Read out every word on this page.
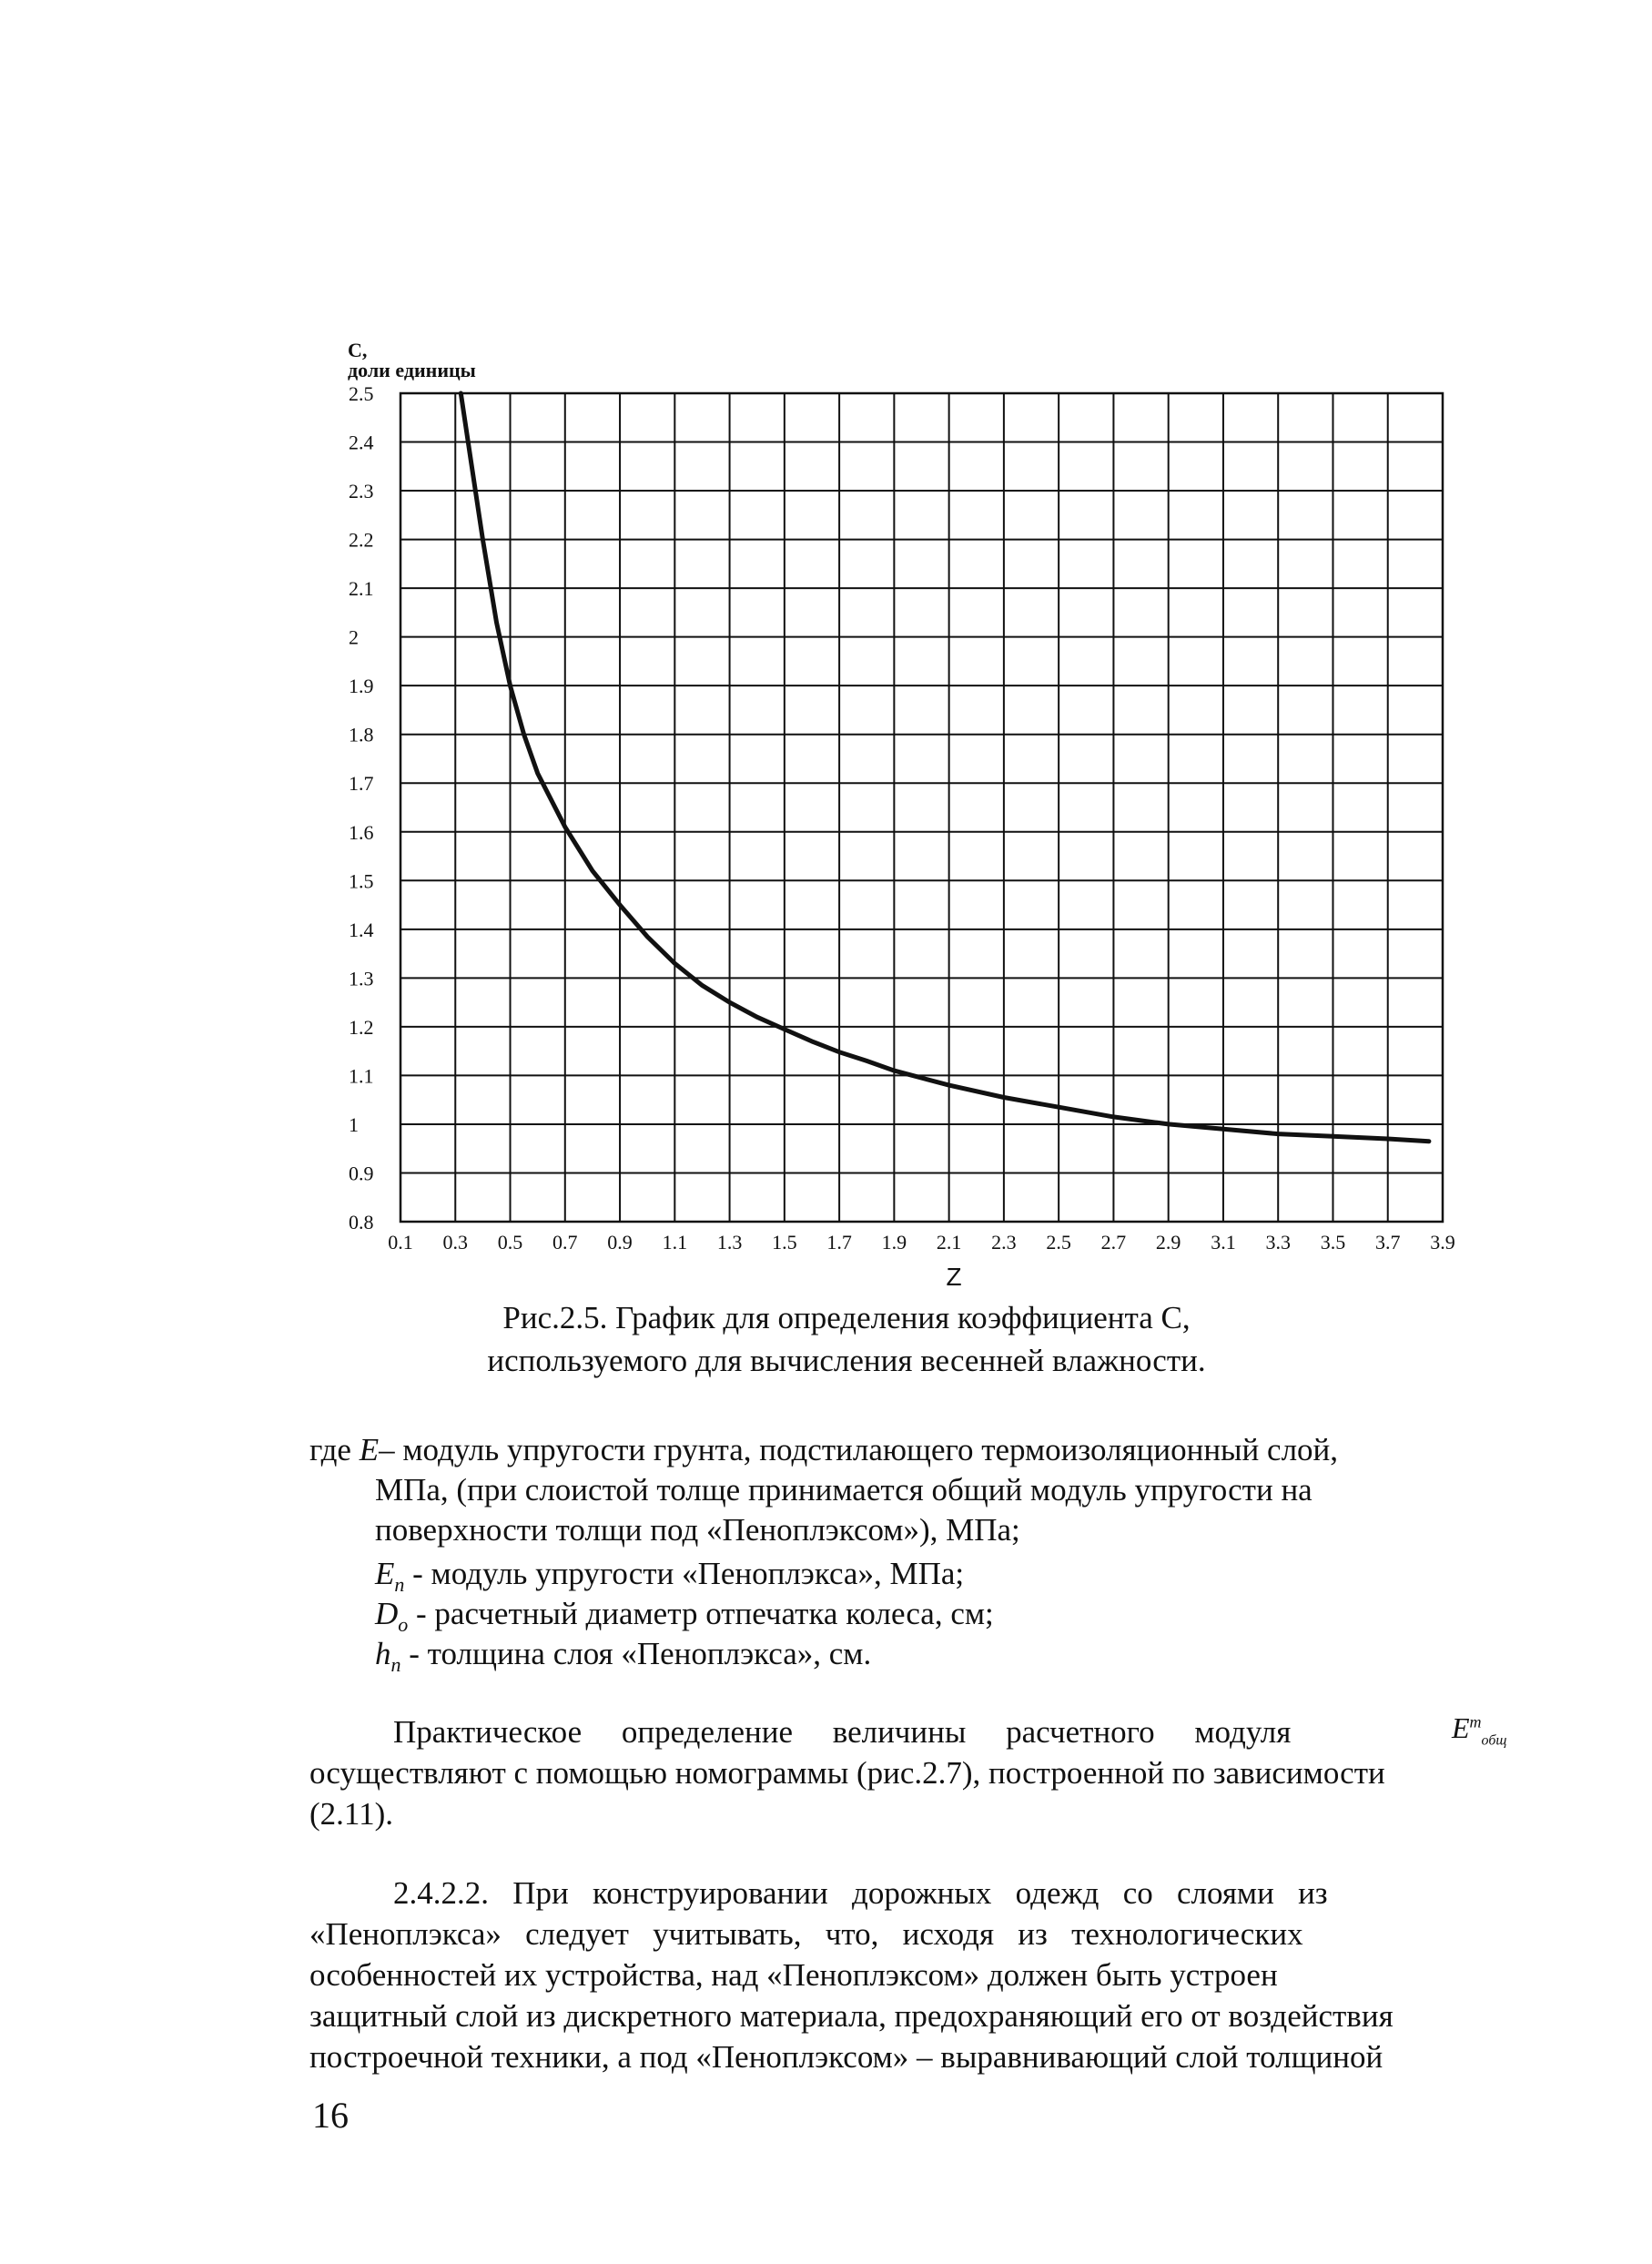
2.5
2.4
2.3
2.2
2.1
2
1.9
1.8
1.7
1.6
1.5
1.4
1.3
1.2
1.1
1
0.9
0.8
0.1 0.3 0.5 0.7 0.9 1.1 1.3 1.5 1.7 1.9 2.1 2.3 2.5 2.7 2.9 3.1 3.3 3.5 3.7 3.9
С,
доли единицы
Z
Рис.2.5. График для определения коэффициента С,
используемого для вычисления весенней влажности.
где E– модуль упругости грунта, подстилающего термоизоляционный слой,
МПа, (при слоистой толще принимается общий модуль упругости на
поверхности толщи под «Пеноплэксом»), МПа;
$E_п$ - модуль упругости «Пеноплэкса», МПа;
$D_o$ - расчетный диаметр отпечатка колеса, см;
$h_п$ - толщина слоя «Пеноплэкса», см.
Практическое     определение     величины     расчетного     модуля	$E^т_{общ}$
осуществляют с помощью номограммы (рис.2.7), построенной по зависимости
(2.11).
2.4.2.2.   При   конструировании   дорожных   одежд   со   слоями   из
«Пеноплэкса»   следует   учитывать,   что,   исходя   из   технологических
особенностей их устройства, над «Пеноплэксом» должен быть устроен
защитный слой из дискретного материала, предохраняющий его от воздействия
построечной техники, а под «Пеноплэксом» – выравнивающий слой толщиной
16
